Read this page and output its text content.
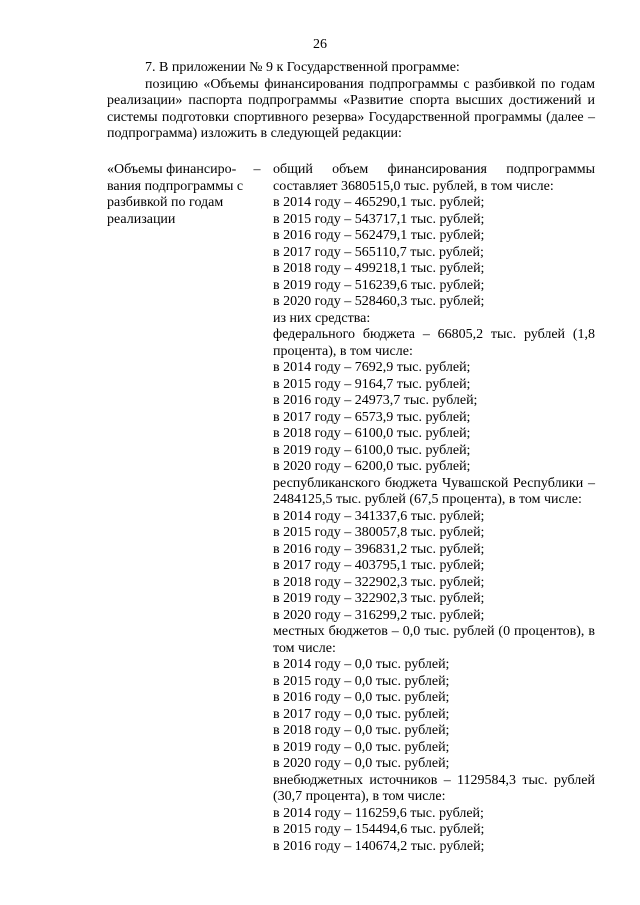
26

7. В приложении № 9 к Государственной программе:

позицию «Объемы финансирования подпрограммы с разбивкой по годам реализации» паспорта подпрограммы «Развитие спорта высших достижений и системы подготовки спортивного резерва» Государственной программы (далее – подпрограмма) изложить в следующей редакции:

«Объемы финансиро-вания подпрограммы с разбивкой по годам реализации
– общий объем финансирования подпрограммы составляет 3680515,0 тыс. рублей, в том числе:
в 2014 году – 465290,1 тыс. рублей;
в 2015 году – 543717,1 тыс. рублей;
в 2016 году – 562479,1 тыс. рублей;
в 2017 году – 565110,7 тыс. рублей;
в 2018 году – 499218,1 тыс. рублей;
в 2019 году – 516239,6 тыс. рублей;
в 2020 году – 528460,3 тыс. рублей;
из них средства:
федерального бюджета – 66805,2 тыс. рублей (1,8 процента), в том числе:
в 2014 году – 7692,9 тыс. рублей;
в 2015 году – 9164,7 тыс. рублей;
в 2016 году – 24973,7 тыс. рублей;
в 2017 году – 6573,9 тыс. рублей;
в 2018 году – 6100,0 тыс. рублей;
в 2019 году – 6100,0 тыс. рублей;
в 2020 году – 6200,0 тыс. рублей;
республиканского бюджета Чувашской Республики – 2484125,5 тыс. рублей (67,5 процента), в том числе:
в 2014 году – 341337,6 тыс. рублей;
в 2015 году – 380057,8 тыс. рублей;
в 2016 году – 396831,2 тыс. рублей;
в 2017 году – 403795,1 тыс. рублей;
в 2018 году – 322902,3 тыс. рублей;
в 2019 году – 322902,3 тыс. рублей;
в 2020 году – 316299,2 тыс. рублей;
местных бюджетов – 0,0 тыс. рублей (0 процентов), в том числе:
в 2014 году – 0,0 тыс. рублей;
в 2015 году – 0,0 тыс. рублей;
в 2016 году – 0,0 тыс. рублей;
в 2017 году – 0,0 тыс. рублей;
в 2018 году – 0,0 тыс. рублей;
в 2019 году – 0,0 тыс. рублей;
в 2020 году – 0,0 тыс. рублей;
внебюджетных источников – 1129584,3 тыс. рублей (30,7 процента), в том числе:
в 2014 году – 116259,6 тыс. рублей;
в 2015 году – 154494,6 тыс. рублей;
в 2016 году – 140674,2 тыс. рублей;
